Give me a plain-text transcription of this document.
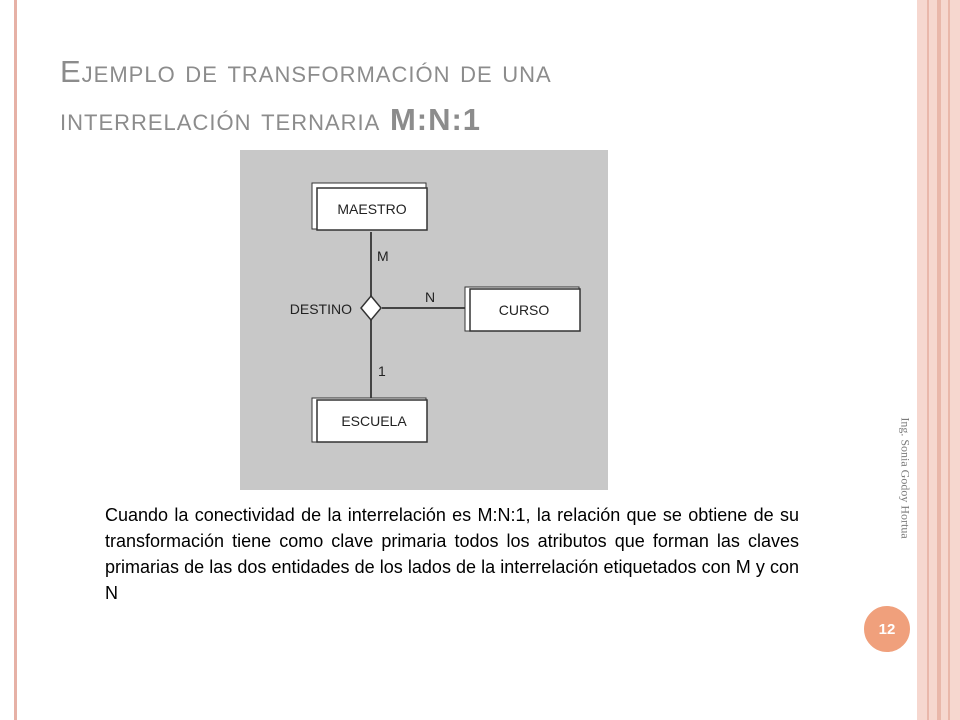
Ejemplo de transformación de una
interrelación ternaria M:N:1
MAESTRO
CURSO
ESCUELA
DESTINO
M
N
1
Cuando la conectividad de la interrelación es M:N:1, la relación que se obtiene de su transformación tiene como clave primaria todos los atributos que forman las claves primarias de las dos entidades de los lados de la interrelación etiquetados con M y con N
Ing. Sonia Godoy Hortua
12
